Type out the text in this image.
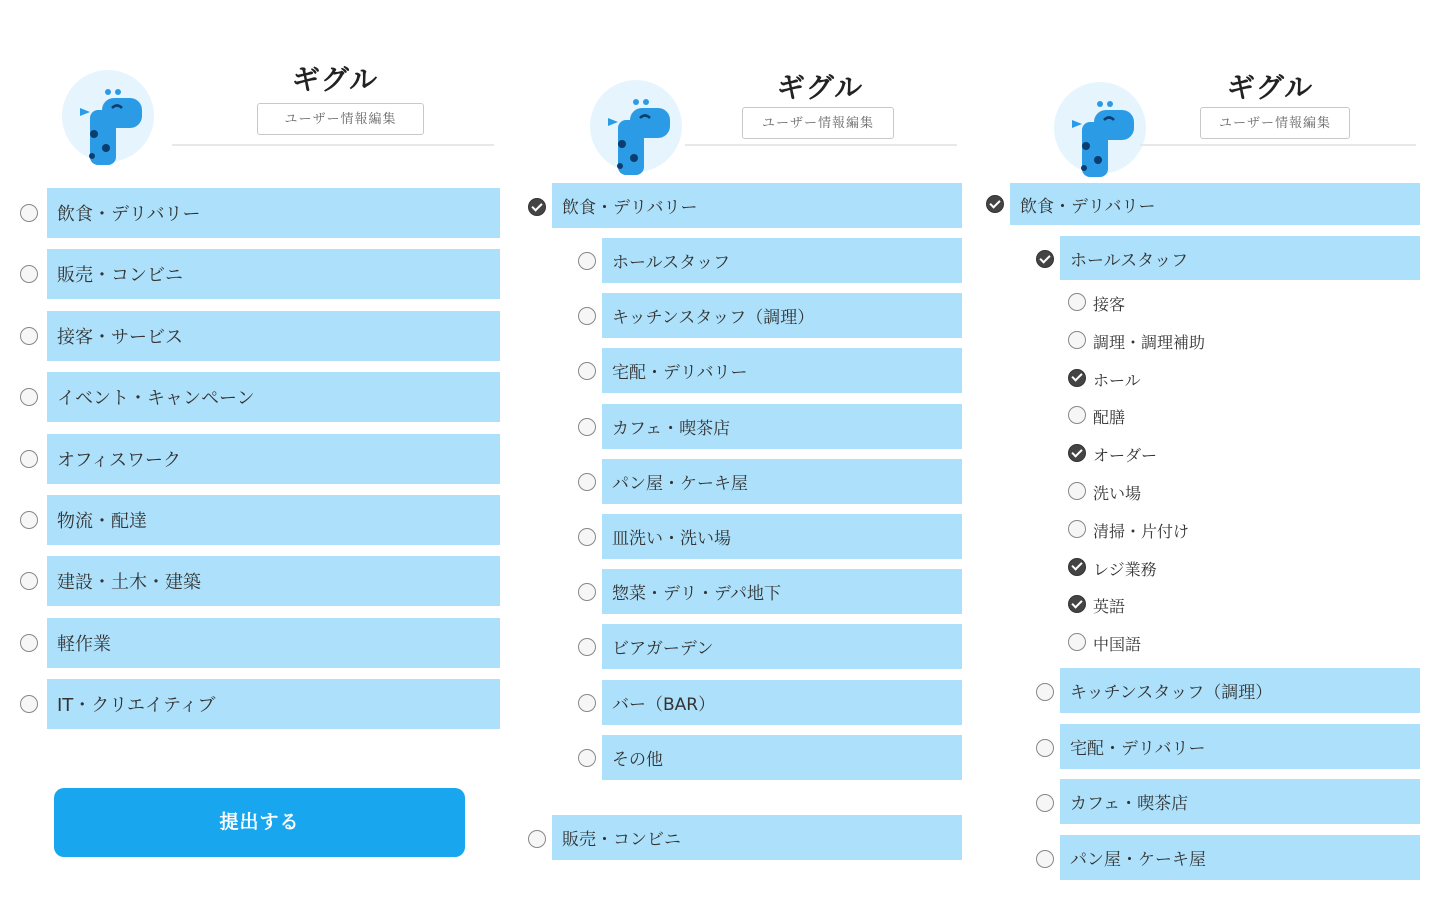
ギグル
ユーザー情報編集
飲食・デリバリー
販売・コンビニ
接客・サービス
イベント・キャンペーン
オフィスワーク
物流・配達
建設・土木・建築
軽作業
IT・クリエイティブ
提出する
ギグル
ユーザー情報編集
飲食・デリバリー
ホールスタッフ
キッチンスタッフ（調理）
宅配・デリバリー
カフェ・喫茶店
パン屋・ケーキ屋
皿洗い・洗い場
惣菜・デリ・デパ地下
ビアガーデン
バー（BAR）
その他
販売・コンビニ
ギグル
ユーザー情報編集
飲食・デリバリー
ホールスタッフ
接客
調理・調理補助
ホール
配膳
オーダー
洗い場
清掃・片付け
レジ業務
英語
中国語
キッチンスタッフ（調理）
宅配・デリバリー
カフェ・喫茶店
パン屋・ケーキ屋
